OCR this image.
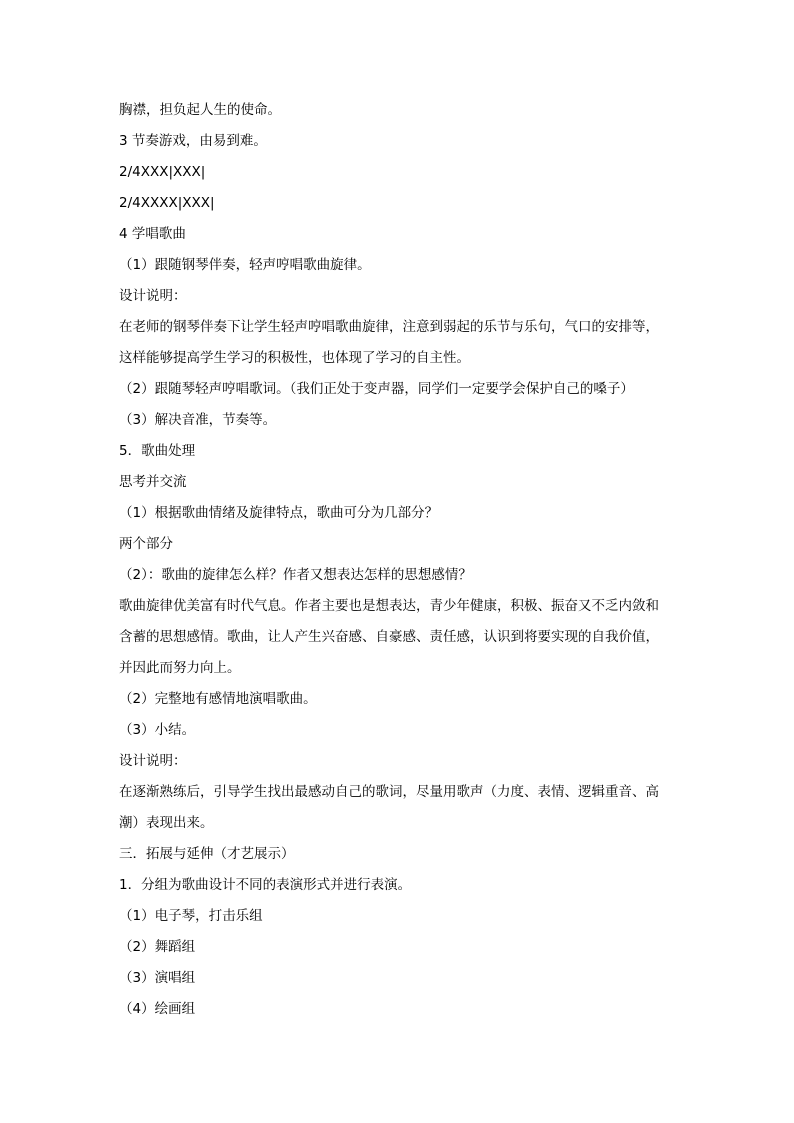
胸襟，担负起人生的使命。
3 节奏游戏，由易到难。
2/4XXX|XXX|
2/4XXXX|XXX|
4 学唱歌曲
（1）跟随钢琴伴奏，轻声哼唱歌曲旋律。
设计说明：
在老师的钢琴伴奏下让学生轻声哼唱歌曲旋律，注意到弱起的乐节与乐句，气口的安排等，
这样能够提高学生学习的积极性，也体现了学习的自主性。
（2）跟随琴轻声哼唱歌词。（我们正处于变声器，同学们一定要学会保护自己的嗓子）
（3）解决音准，节奏等。
5．歌曲处理
思考并交流
（1）根据歌曲情绪及旋律特点，歌曲可分为几部分？
两个部分
（2）：歌曲的旋律怎么样？作者又想表达怎样的思想感情？
歌曲旋律优美富有时代气息。作者主要也是想表达，青少年健康，积极、振奋又不乏内敛和
含蓄的思想感情。歌曲，让人产生兴奋感、自豪感、责任感，认识到将要实现的自我价值，
并因此而努力向上。
（2）完整地有感情地演唱歌曲。
（3）小结。
设计说明：
在逐渐熟练后，引导学生找出最感动自己的歌词，尽量用歌声（力度、表情、逻辑重音、高
潮）表现出来。
三．拓展与延伸（才艺展示）
1．分组为歌曲设计不同的表演形式并进行表演。
（1）电子琴，打击乐组
（2）舞蹈组
（3）演唱组
（4）绘画组
